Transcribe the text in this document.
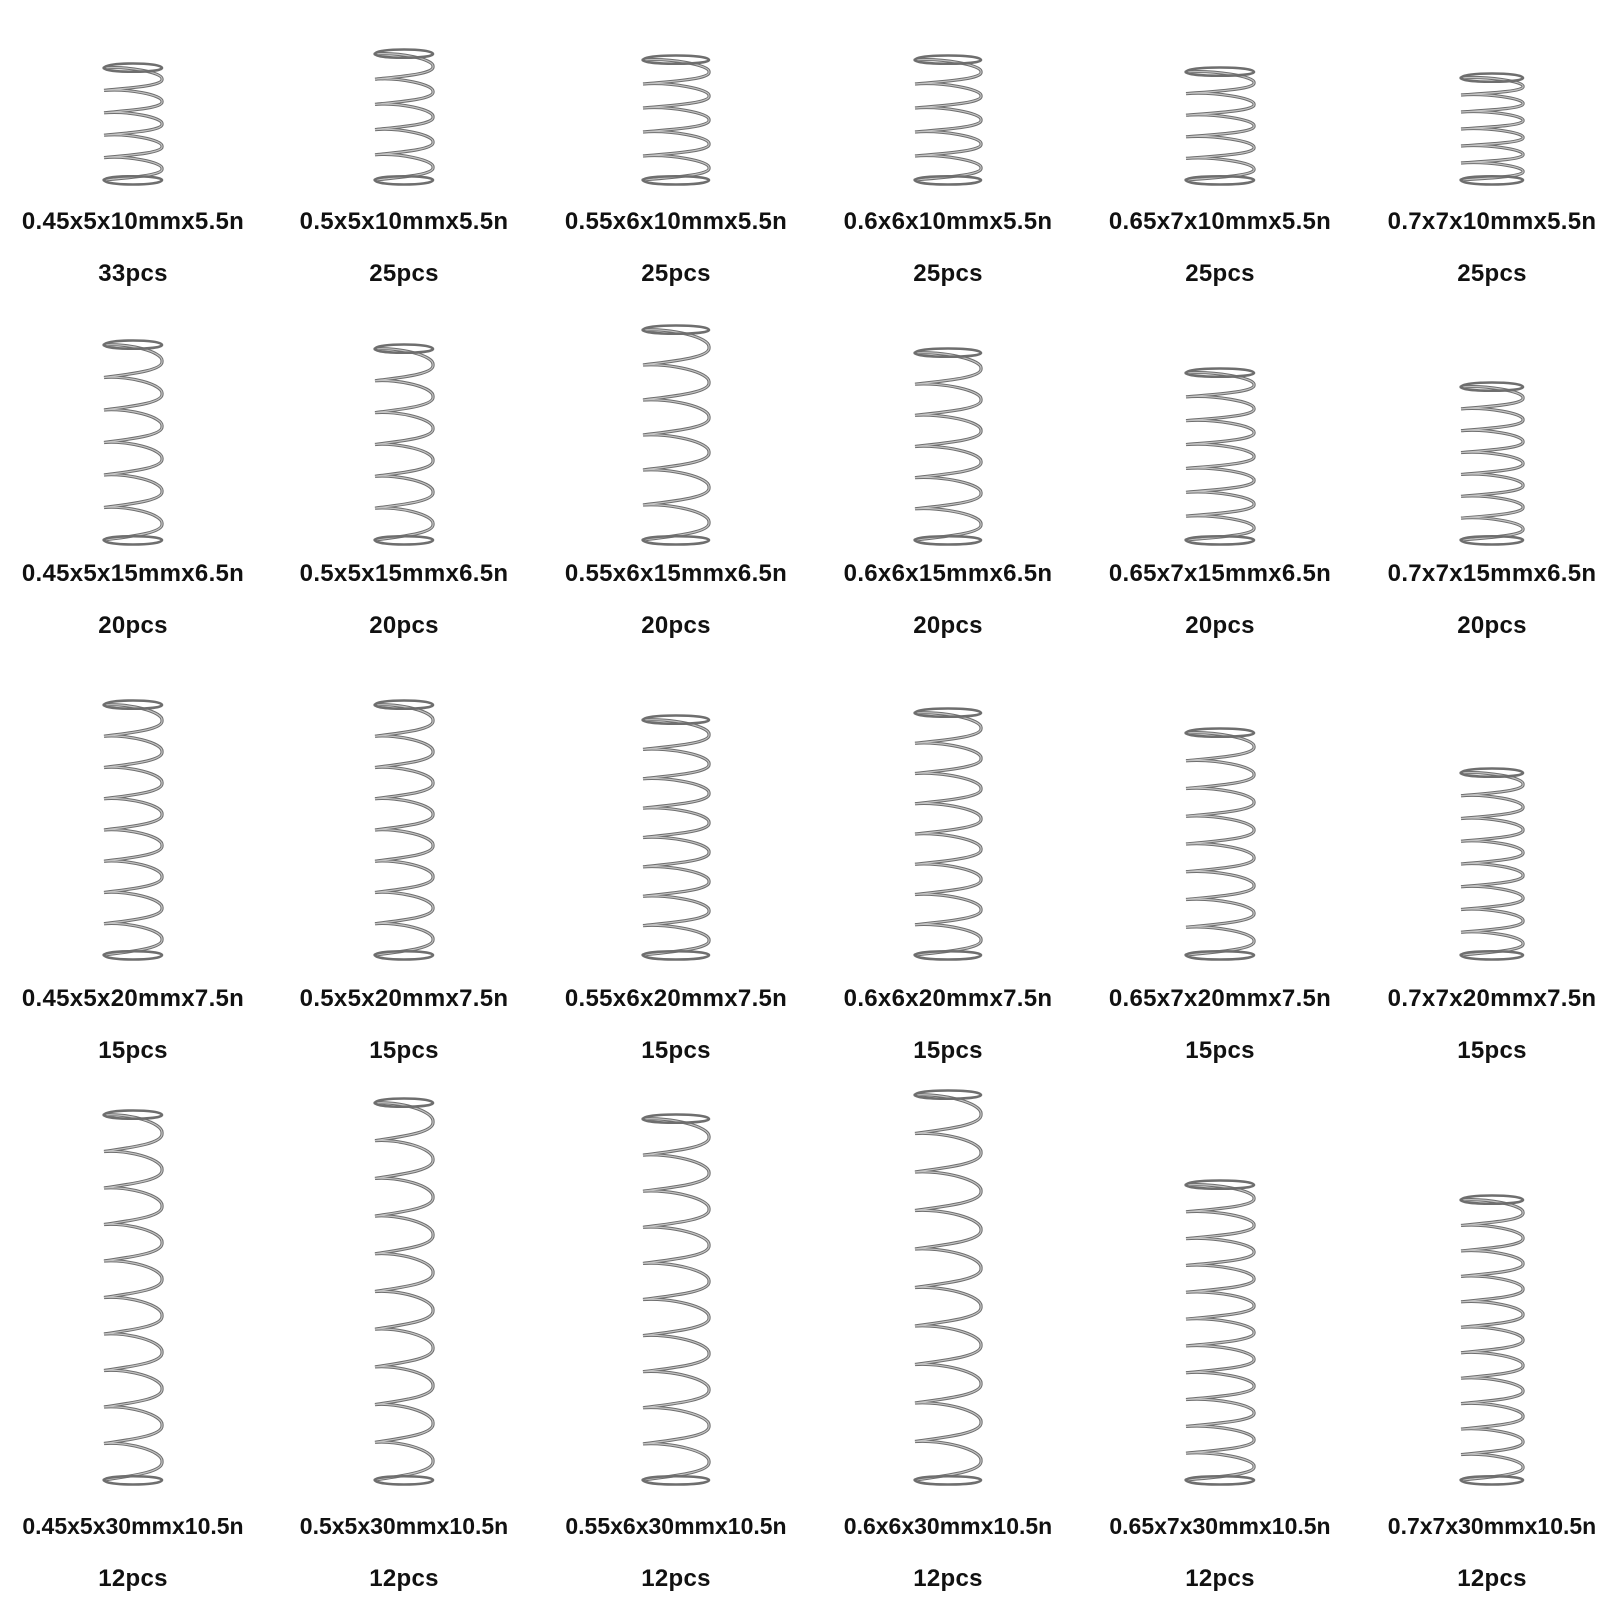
0.45x5x10mmx5.5n
33pcs
0.5x5x10mmx5.5n
25pcs
0.55x6x10mmx5.5n
25pcs
0.6x6x10mmx5.5n
25pcs
0.65x7x10mmx5.5n
25pcs
0.7x7x10mmx5.5n
25pcs
0.45x5x15mmx6.5n
20pcs
0.5x5x15mmx6.5n
20pcs
0.55x6x15mmx6.5n
20pcs
0.6x6x15mmx6.5n
20pcs
0.65x7x15mmx6.5n
20pcs
0.7x7x15mmx6.5n
20pcs
0.45x5x20mmx7.5n
15pcs
0.5x5x20mmx7.5n
15pcs
0.55x6x20mmx7.5n
15pcs
0.6x6x20mmx7.5n
15pcs
0.65x7x20mmx7.5n
15pcs
0.7x7x20mmx7.5n
15pcs
0.45x5x30mmx10.5n
12pcs
0.5x5x30mmx10.5n
12pcs
0.55x6x30mmx10.5n
12pcs
0.6x6x30mmx10.5n
12pcs
0.65x7x30mmx10.5n
12pcs
0.7x7x30mmx10.5n
12pcs
